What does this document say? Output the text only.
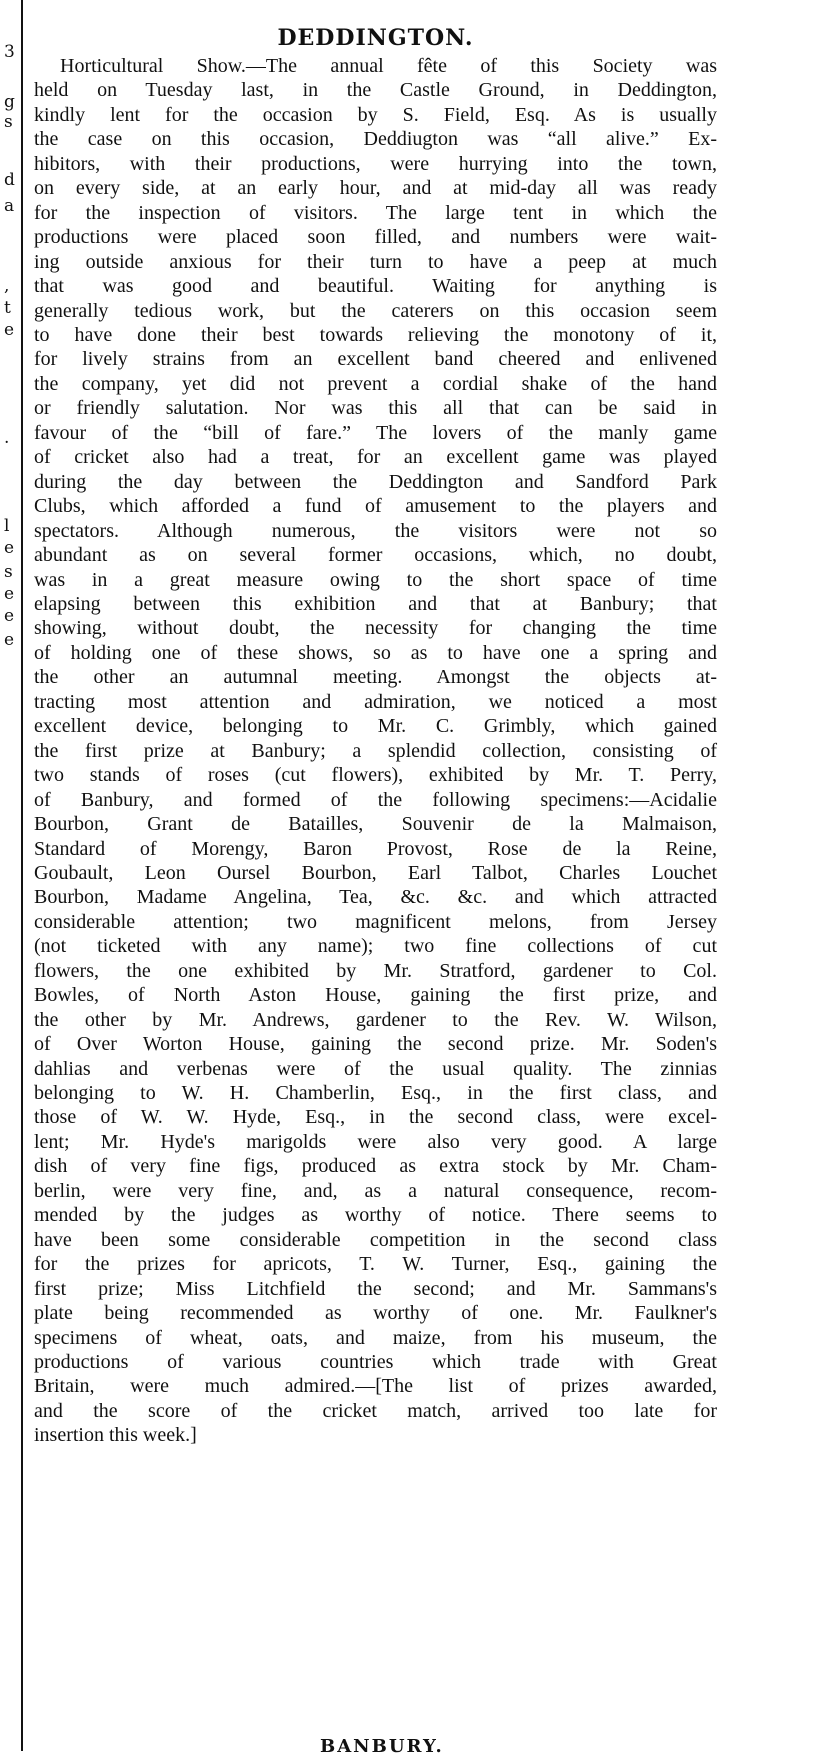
3
g
s
d
a
,
t
e
.
l
e
s
e
e
e
DEDDINGTON.
Horticultural Show.—The annual fête of this Society was
held on Tuesday last, in the Castle Ground, in Deddington,
kindly lent for the occasion by S. Field, Esq. As is usually
the case on this occasion, Deddiugton was “all alive.” Ex-
hibitors, with their productions, were hurrying into the town,
on every side, at an early hour, and at mid-day all was ready
for the inspection of visitors. The large tent in which the
productions were placed soon filled, and numbers were wait-
ing outside anxious for their turn to have a peep at much
that was good and beautiful. Waiting for anything is
generally tedious work, but the caterers on this occasion seem
to have done their best towards relieving the monotony of it,
for lively strains from an excellent band cheered and enlivened
the company, yet did not prevent a cordial shake of the hand
or friendly salutation. Nor was this all that can be said in
favour of the “bill of fare.” The lovers of the manly game
of cricket also had a treat, for an excellent game was played
during the day between the Deddington and Sandford Park
Clubs, which afforded a fund of amusement to the players and
spectators. Although numerous, the visitors were not so
abundant as on several former occasions, which, no doubt,
was in a great measure owing to the short space of time
elapsing between this exhibition and that at Banbury; that
showing, without doubt, the necessity for changing the time
of holding one of these shows, so as to have one a spring and
the other an autumnal meeting. Amongst the objects at-
tracting most attention and admiration, we noticed a most
excellent device, belonging to Mr. C. Grimbly, which gained
the first prize at Banbury; a splendid collection, consisting of
two stands of roses (cut flowers), exhibited by Mr. T. Perry,
of Banbury, and formed of the following specimens:—Acidalie
Bourbon, Grant de Batailles, Souvenir de la Malmaison,
Standard of Morengy, Baron Provost, Rose de la Reine,
Goubault, Leon Oursel Bourbon, Earl Talbot, Charles Louchet
Bourbon, Madame Angelina, Tea, &c. &c. and which attracted
considerable attention; two magnificent melons, from Jersey
(not ticketed with any name); two fine collections of cut
flowers, the one exhibited by Mr. Stratford, gardener to Col.
Bowles, of North Aston House, gaining the first prize, and
the other by Mr. Andrews, gardener to the Rev. W. Wilson,
of Over Worton House, gaining the second prize. Mr. Soden's
dahlias and verbenas were of the usual quality. The zinnias
belonging to W. H. Chamberlin, Esq., in the first class, and
those of W. W. Hyde, Esq., in the second class, were excel-
lent; Mr. Hyde's marigolds were also very good. A large
dish of very fine figs, produced as extra stock by Mr. Cham-
berlin, were very fine, and, as a natural consequence, recom-
mended by the judges as worthy of notice. There seems to
have been some considerable competition in the second class
for the prizes for apricots, T. W. Turner, Esq., gaining the
first prize; Miss Litchfield the second; and Mr. Sammans's
plate being recommended as worthy of one. Mr. Faulkner's
specimens of wheat, oats, and maize, from his museum, the
productions of various countries which trade with Great
Britain, were much admired.—[The list of prizes awarded,
and the score of the cricket match, arrived too late for
insertion this week.]
BANBURY.
